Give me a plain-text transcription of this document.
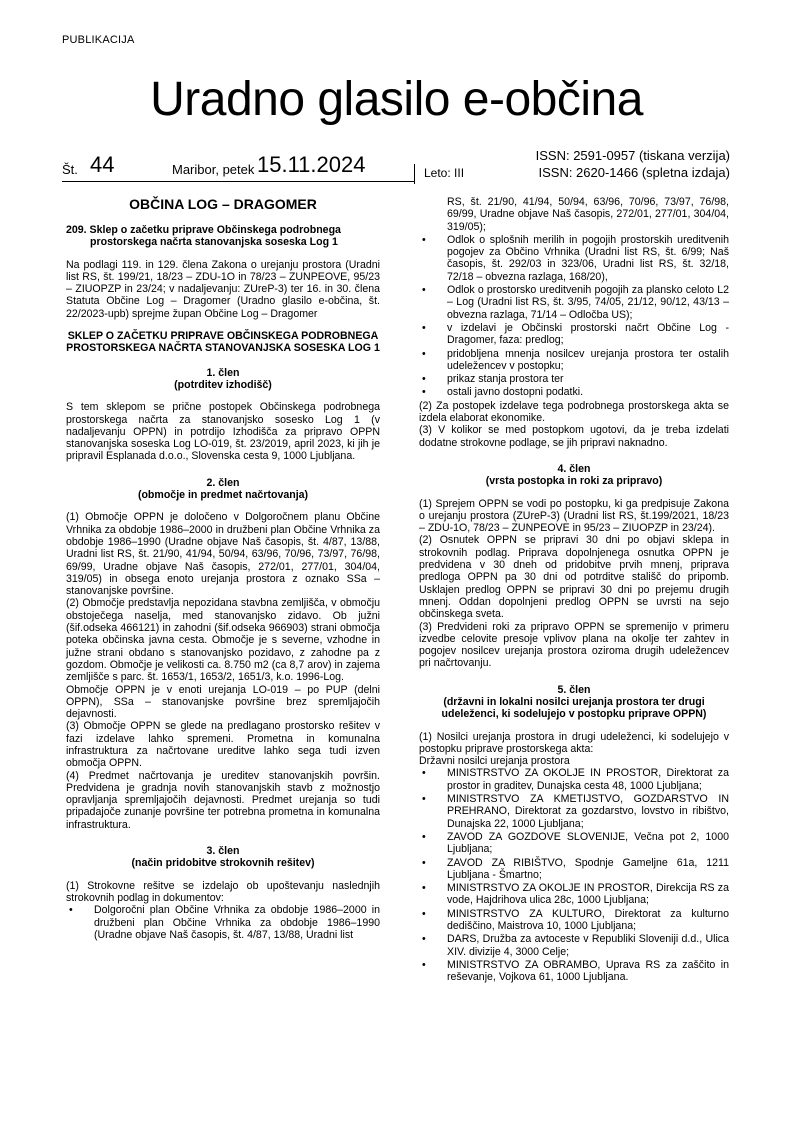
PUBLIKACIJA
Uradno glasilo e-občina
Št. 44	Maribor, petek 15.11.2024	Leto: III
ISSN: 2591-0957 (tiskana verzija)
ISSN: 2620-1466 (spletna izdaja)

OBČINA LOG – DRAGOMER

209. Sklep o začetku priprave Občinskega podrobnega
prostorskega načrta stanovanjska soseska Log 1

Na podlagi 119. in 129. člena Zakona o urejanju prostora (Uradni list RS, št. 199/21, 18/23 – ZDU-1O in 78/23 – ZUNPEOVE, 95/23 – ZIUOPZP in 23/24; v nadaljevanju: ZUreP-3) ter 16. in 30. člena Statuta Občine Log – Dragomer (Uradno glasilo e-občina, št. 22/2023-upb) sprejme župan Občine Log – Dragomer

SKLEP O ZAČETKU PRIPRAVE OBČINSKEGA PODROBNEGA PROSTORSKEGA NAČRTA STANOVANJSKA SOSESKA LOG 1

1. člen
(potrditev izhodišč)

S tem sklepom se prične postopek Občinskega podrobnega prostorskega načrta za stanovanjsko sosesko Log 1 (v nadaljevanju OPPN) in potrdijo Izhodišča za pripravo OPPN stanovanjska soseska Log LO-019, št. 23/2019, april 2023, ki jih je pripravil Esplanada d.o.o., Slovenska cesta 9, 1000 Ljubljana.

2. člen
(območje in predmet načrtovanja)

(1) Območje OPPN je določeno v Dolgoročnem planu Občine Vrhnika za obdobje 1986–2000 in družbeni plan Občine Vrhnika za obdobje 1986–1990 (Uradne objave Naš časopis, št. 4/87, 13/88, Uradni list RS, št. 21/90, 41/94, 50/94, 63/96, 70/96, 73/97, 76/98, 69/99, Uradne objave Naš časopis, 272/01, 277/01, 304/04, 319/05) in obsega enoto urejanja prostora z oznako SSa – stanovanjske površine.

(2) Območje predstavlja nepozidana stavbna zemljišča, v območju obstoječega naselja, med stanovanjsko zidavo. Ob južni (šif.odseka 466121) in zahodni (šif.odseka 966903) strani območja poteka občinska javna cesta. Območje je s severne, vzhodne in južne strani obdano s stanovanjsko pozidavo, z zahodne pa z gozdom. Območje je velikosti ca. 8.750 m2 (ca 8,7 arov) in zajema zemljišče s parc. št. 1653/1, 1653/2, 1651/3, k.o. 1996-Log.

Območje OPPN je v enoti urejanja LO-019 – po PUP (delni OPPN), SSa – stanovanjske površine brez spremljajočih dejavnosti.

(3) Območje OPPN se glede na predlagano prostorsko rešitev v fazi izdelave lahko spremeni. Prometna in komunalna infrastruktura za načrtovane ureditve lahko sega tudi izven območja OPPN.

(4) Predmet načrtovanja je ureditev stanovanjskih površin. Predvidena je gradnja novih stanovanjskih stavb z možnostjo opravljanja spremljajočih dejavnosti. Predmet urejanja so tudi pripadajoče zunanje površine ter potrebna prometna in komunalna infrastruktura.

3. člen
(način pridobitve strokovnih rešitev)

(1) Strokovne rešitve se izdelajo ob upoštevanju naslednjih strokovnih podlag in dokumentov:

• Dolgoročni plan Občine Vrhnika za obdobje 1986–2000 in družbeni plan Občine Vrhnika za obdobje 1986–1990 (Uradne objave Naš časopis, št. 4/87, 13/88, Uradni list
RS, št. 21/90, 41/94, 50/94, 63/96, 70/96, 73/97, 76/98, 69/99, Uradne objave Naš časopis, 272/01, 277/01, 304/04, 319/05);
• Odlok o splošnih merilih in pogojih prostorskih ureditvenih pogojev za Občino Vrhnika (Uradni list RS, št. 6/99; Naš časopis, št. 292/03 in 323/06, Uradni list RS, št. 32/18, 72/18 – obvezna razlaga, 168/20),
• Odlok o prostorsko ureditvenih pogojih za plansko celoto L2 – Log (Uradni list RS, št. 3/95, 74/05, 21/12, 90/12, 43/13 – obvezna razlaga, 71/14 – Odločba US);
• v izdelavi je Občinski prostorski načrt Občine Log - Dragomer, faza: predlog;
• pridobljena mnenja nosilcev urejanja prostora ter ostalih udeležencev v postopku;
• prikaz stanja prostora ter
• ostali javno dostopni podatki.

(2) Za postopek izdelave tega podrobnega prostorskega akta se izdela elaborat ekonomike.

(3) V kolikor se med postopkom ugotovi, da je treba izdelati dodatne strokovne podlage, se jih pripravi naknadno.

4. člen
(vrsta postopka in roki za pripravo)

(1) Sprejem OPPN se vodi po postopku, ki ga predpisuje Zakona o urejanju prostora (ZUreP-3) (Uradni list RS, št.199/2021, 18/23 – ZDU-1O, 78/23 – ZUNPEOVE in 95/23 – ZIUOPZP in 23/24).

(2) Osnutek OPPN se pripravi 30 dni po objavi sklepa in strokovnih podlag. Priprava dopolnjenega osnutka OPPN je predvidena v 30 dneh od pridobitve prvih mnenj, priprava predloga OPPN pa 30 dni od potrditve stališč do pripomb. Usklajen predlog OPPN se pripravi 30 dni po prejemu drugih mnenj. Oddan dopolnjeni predlog OPPN se uvrsti na sejo občinskega sveta.

(3) Predvideni roki za pripravo OPPN se spremenijo v primeru izvedbe celovite presoje vplivov plana na okolje ter zahtev in pogojev nosilcev urejanja prostora oziroma drugih udeležencev pri načrtovanju.

5. člen
(državni in lokalni nosilci urejanja prostora ter drugi udeleženci, ki sodelujejo v postopku priprave OPPN)

(1) Nosilci urejanja prostora in drugi udeleženci, ki sodelujejo v postopku priprave prostorskega akta:

Državni nosilci urejanja prostora

• MINISTRSTVO ZA OKOLJE IN PROSTOR, Direktorat za prostor in graditev, Dunajska cesta 48, 1000 Ljubljana;
• MINISTRSTVO ZA KMETIJSTVO, GOZDARSTVO IN PREHRANO, Direktorat za gozdarstvo, lovstvo in ribištvo, Dunajska 22, 1000 Ljubljana;
• ZAVOD ZA GOZDOVE SLOVENIJE, Večna pot 2, 1000 Ljubljana;
• ZAVOD ZA RIBIŠTVO, Spodnje Gameljne 61a, 1211 Ljubljana - Šmartno;
• MINISTRSTVO ZA OKOLJE IN PROSTOR, Direkcija RS za vode, Hajdrihova ulica 28c, 1000 Ljubljana;
• MINISTRSTVO ZA KULTURO, Direktorat za kulturno dediščino, Maistrova 10, 1000 Ljubljana;
• DARS, Družba za avtoceste v Republiki Sloveniji d.d., Ulica XIV. divizije 4, 3000 Celje;
• MINISTRSTVO ZA OBRAMBO, Uprava RS za zaščito in reševanje, Vojkova 61, 1000 Ljubljana.
